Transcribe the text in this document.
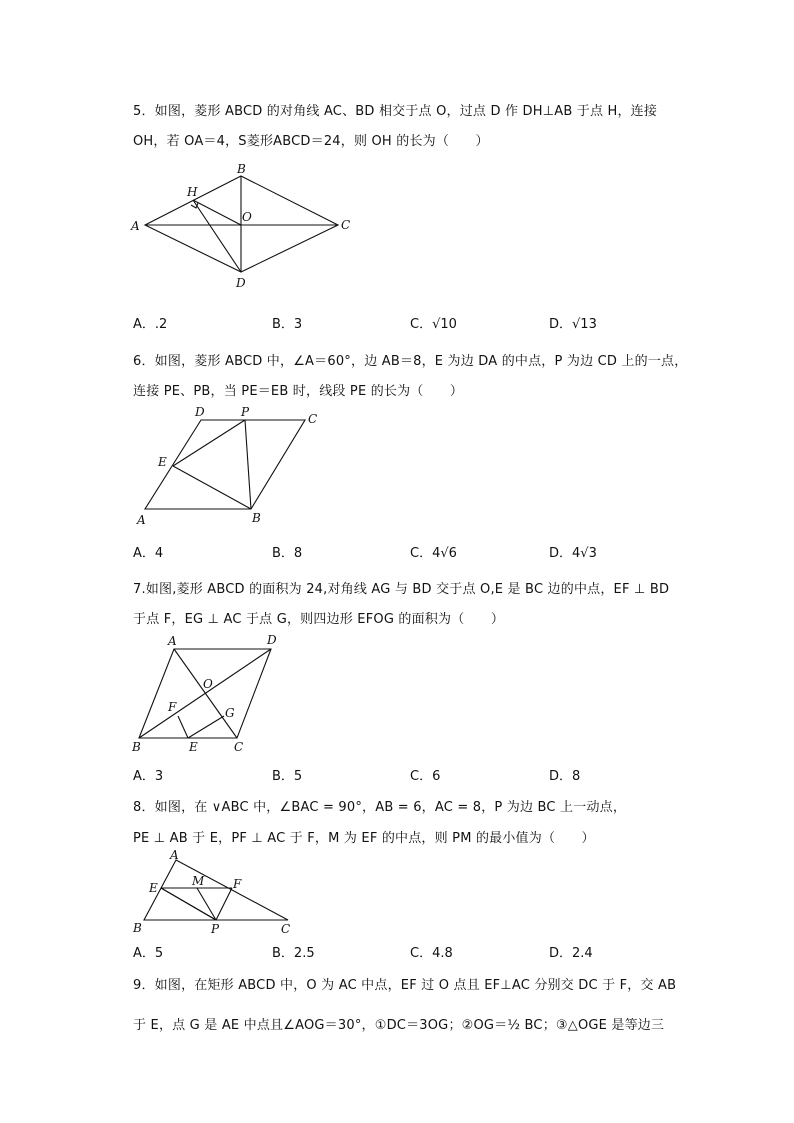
5．如图，菱形 ABCD 的对角线 AC、BD 相交于点 O，过点 D 作 DH⊥AB 于点 H，连接
OH，若 OA＝4，S菱形ABCD＝24，则 OH 的长为（　　）
A
B
C
D
H
O
A．.2	B．3	C．√10	D．√13
6．如图，菱形 ABCD 中，∠A＝60°，边 AB＝8，E 为边 DA 的中点，P 为边 CD 上的一点，
连接 PE、PB，当 PE＝EB 时，线段 PE 的长为（　　）
A	B
C
D
E
P
A．4	B．8	C．4√6	D．4√3
7.如图,菱形 ABCD 的面积为 24,对角线 AG 与 BD 交于点 O,E 是 BC 边的中点，EF ⊥ BD
于点 F，EG ⊥ AC 于点 G，则四边形 EFOG 的面积为（　　）
A
B	C
D
E
F	G
O
A．3	B．5	C．6	D．8
8．如图，在 ∨ABC 中，∠BAC = 90°，AB = 6，AC = 8，P 为边 BC 上一动点，
PE ⊥ AB 于 E，PF ⊥ AC 于 F，M 为 EF 的中点，则 PM 的最小值为（　　）
A
B	C
E	F
M
P
A．5	B．2.5	C．4.8	D．2.4
9．如图，在矩形 ABCD 中，O 为 AC 中点，EF 过 O 点且 EF⊥AC 分别交 DC 于 F，交 AB
于 E，点 G 是 AE 中点且∠AOG＝30°，①DC＝3OG；②OG＝½ BC；③△OGE 是等边三
